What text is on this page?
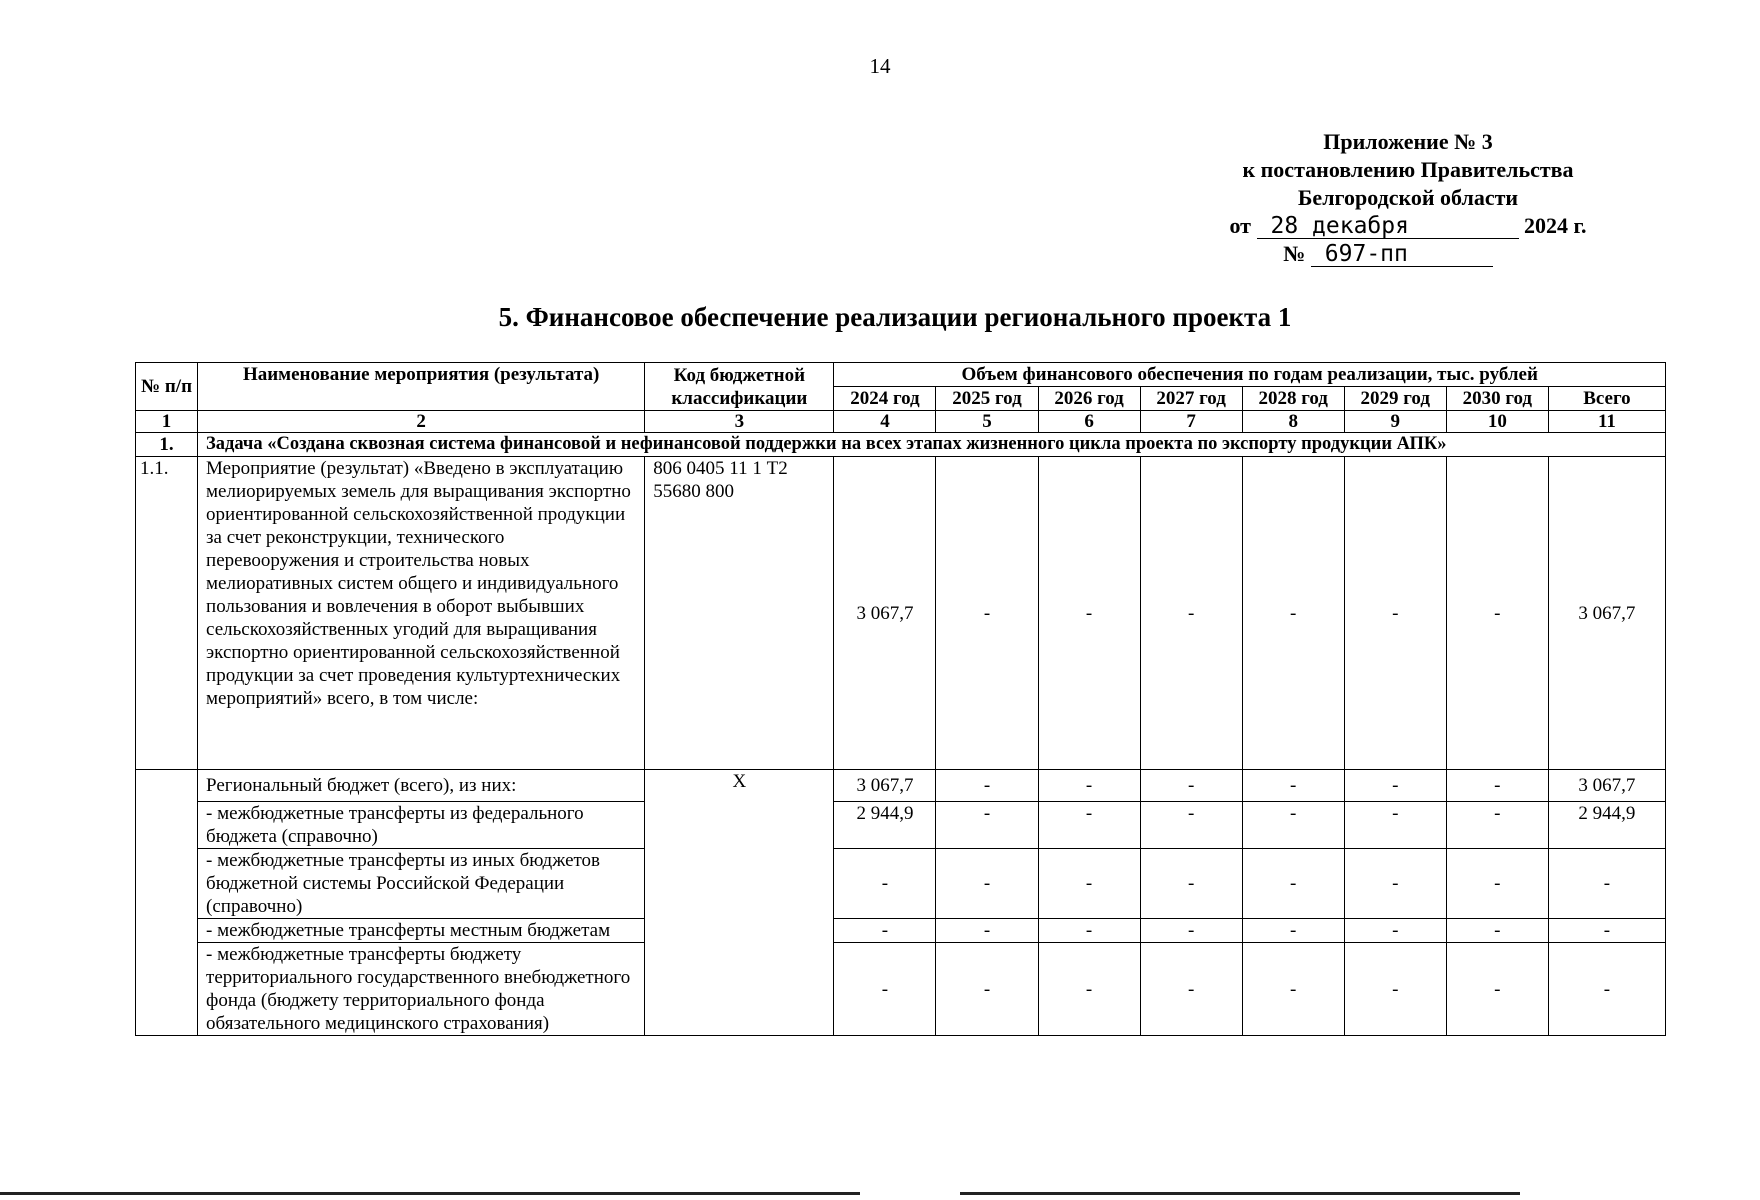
14
Приложение № 3
к постановлению Правительства
Белгородской области
от 28 декабря	2024 г.
№ 697-пп
5. Финансовое обеспечение реализации регионального проекта 1
№ п/п	Наименование мероприятия (результата)	Код бюджетной классификации	Объем финансового обеспечения по годам реализации, тыс. рублей							
			2024 год	2025 год	2026 год	2027 год	2028 год	2029 год	2030 год	Всего
1	2	3	4	5	6	7	8	9	10	11
1.	Задача «Создана сквозная система финансовой и нефинансовой поддержки на всех этапах жизненного цикла проекта по экспорту продукции АПК»									
1.1.	Мероприятие (результат) «Введено в эксплуатацию мелиорируемых земель для выращивания экспортно ориентированной сельскохозяйственной продукции за счет реконструкции, технического перевооружения и строительства новых мелиоративных систем общего и индивидуального пользования и вовлечения в оборот выбывших сельскохозяйственных угодий для выращивания экспортно ориентированной сельскохозяйственной продукции за счет проведения культуртехнических мероприятий» всего, в том числе:	806 0405 11 1 Т2 55680 800	3 067,7	-	-	-	-	-	-	3 067,7
	Региональный бюджет (всего), из них:	Х	3 067,7	-	-	-	-	-	-	3 067,7
	- межбюджетные трансферты из федерального бюджета (справочно)		2 944,9	-	-	-	-	-	-	2 944,9
	- межбюджетные трансферты из иных бюджетов бюджетной системы Российской Федерации (справочно)		-	-	-	-	-	-	-	-
	- межбюджетные трансферты местным бюджетам		-	-	-	-	-	-	-	-
	- межбюджетные трансферты бюджету территориального государственного внебюджетного фонда (бюджету территориального фонда обязательного медицинского страхования)		-	-	-	-	-	-	-	-
